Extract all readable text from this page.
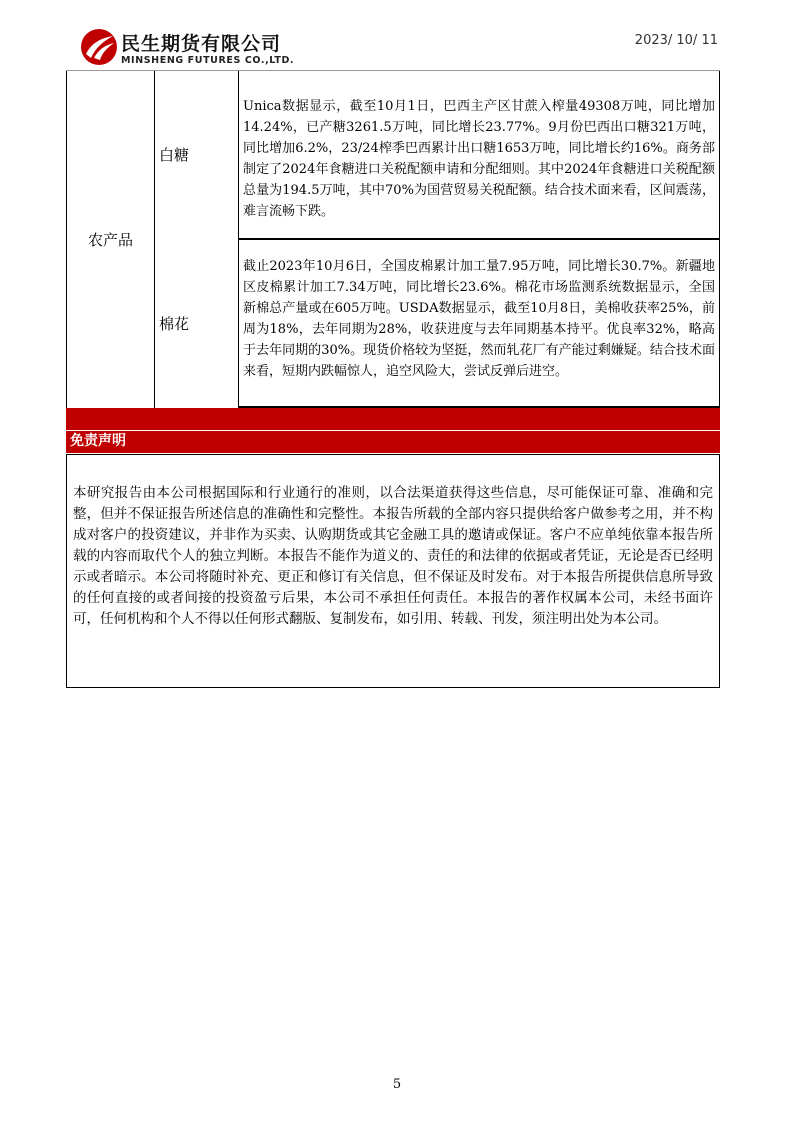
民生期货有限公司
MINSHENG FUTURES CO.,LTD.
2023/ 10/ 11
农产品
白糖
Unica数据显示，截至10月1日，巴西主产区甘蔗入榨量49308万吨，同比增加14.24%，已产糖3261.5万吨，同比增长23.77%。9月份巴西出口糖321万吨，同比增加6.2%，23/24榨季巴西累计出口糖1653万吨，同比增长约16%。商务部制定了2024年食糖进口关税配额申请和分配细则。其中2024年食糖进口关税配额总量为194.5万吨，其中70%为国营贸易关税配额。结合技术面来看，区间震荡，难言流畅下跌。
棉花
截止2023年10月6日，全国皮棉累计加工量7.95万吨，同比增长30.7%。新疆地区皮棉累计加工7.34万吨，同比增长23.6%。棉花市场监测系统数据显示，全国新棉总产量或在605万吨。USDA数据显示，截至10月8日，美棉收获率25%，前周为18%，去年同期为28%，收获进度与去年同期基本持平。优良率32%，略高于去年同期的30%。现货价格较为坚挺，然而轧花厂有产能过剩嫌疑。结合技术面来看，短期内跌幅惊人，追空风险大，尝试反弹后进空。
免责声明
本研究报告由本公司根据国际和行业通行的准则，以合法渠道获得这些信息，尽可能保证可靠、准确和完整，但并不保证报告所述信息的准确性和完整性。本报告所载的全部内容只提供给客户做参考之用，并不构成对客户的投资建议，并非作为买卖、认购期货或其它金融工具的邀请或保证。客户不应单纯依靠本报告所载的内容而取代个人的独立判断。本报告不能作为道义的、责任的和法律的依据或者凭证，无论是否已经明示或者暗示。本公司将随时补充、更正和修订有关信息，但不保证及时发布。对于本报告所提供信息所导致的任何直接的或者间接的投资盈亏后果，本公司不承担任何责任。本报告的著作权属本公司，未经书面许可，任何机构和个人不得以任何形式翻版、复制发布，如引用、转载、刊发，须注明出处为本公司。
5
